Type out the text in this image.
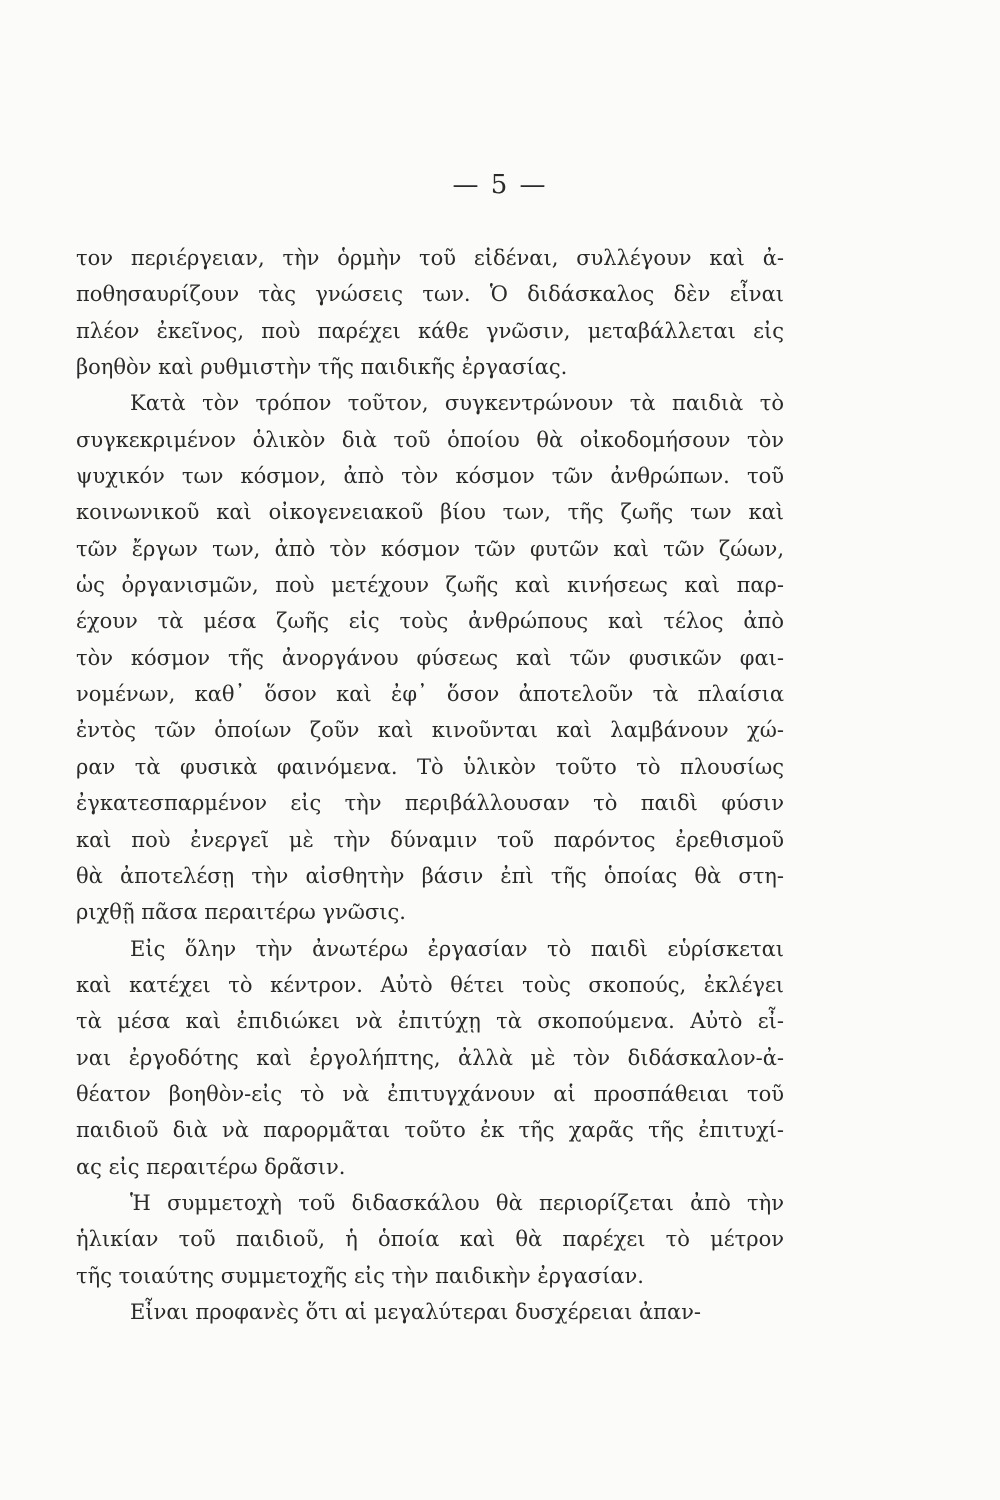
— 5 —
τον περιέργειαν, τὴν ὁρμὴν τοῦ εἰδέναι, συλλέγουν καὶ ἀ-
ποθησαυρίζουν τὰς γνώσεις των. Ὁ διδάσκαλος δὲν εἶναι
πλέον ἐκεῖνος, ποὺ παρέχει κάθε γνῶσιν, μεταβάλλεται εἰς
βοηθὸν καὶ ρυθμιστὴν τῆς παιδικῆς ἐργασίας.
Κατὰ τὸν τρόπον τοῦτον, συγκεντρώνουν τὰ παιδιὰ τὸ
συγκεκριμένον ὁλικὸν διὰ τοῦ ὁποίου θὰ οἰκοδομήσουν τὸν
ψυχικόν των κόσμον, ἀπὸ τὸν κόσμον τῶν ἀνθρώπων. τοῦ
κοινωνικοῦ καὶ οἰκογενειακοῦ βίου των, τῆς ζωῆς των καὶ
τῶν ἔργων των, ἀπὸ τὸν κόσμον τῶν φυτῶν καὶ τῶν ζώων,
ὡς ὀργανισμῶν, ποὺ μετέχουν ζωῆς καὶ κινήσεως καὶ παρ-
έχουν τὰ μέσα ζωῆς εἰς τοὺς ἀνθρώπους καὶ τέλος ἀπὸ
τὸν κόσμον τῆς ἀνοργάνου φύσεως καὶ τῶν φυσικῶν φαι-
νομένων, καθ᾽ ὅσον καὶ ἐφ᾽ ὅσον ἀποτελοῦν τὰ πλαίσια
ἐντὸς τῶν ὁποίων ζοῦν καὶ κινοῦνται καὶ λαμβάνουν χώ-
ραν τὰ φυσικὰ φαινόμενα. Τὸ ὑλικὸν τοῦτο τὸ πλουσίως
ἐγκατεσπαρμένον εἰς τὴν περιβάλλουσαν τὸ παιδὶ φύσιν
καὶ ποὺ ἐνεργεῖ μὲ τὴν δύναμιν τοῦ παρόντος ἐρεθισμοῦ
θὰ ἀποτελέσῃ τὴν αἰσθητὴν βάσιν ἐπὶ τῆς ὁποίας θὰ στη-
ριχθῇ πᾶσα περαιτέρω γνῶσις.
Εἰς ὅλην τὴν ἀνωτέρω ἐργασίαν τὸ παιδὶ εὑρίσκεται
καὶ κατέχει τὸ κέντρον. Αὐτὸ θέτει τοὺς σκοπούς, ἐκλέγει
τὰ μέσα καὶ ἐπιδιώκει νὰ ἐπιτύχῃ τὰ σκοπούμενα. Αὐτὸ εἶ-
ναι ἐργοδότης καὶ ἐργολήπτης, ἀλλὰ μὲ τὸν διδάσκαλον-ἀ-
θέατον βοηθὸν-εἰς τὸ νὰ ἐπιτυγχάνουν αἱ προσπάθειαι τοῦ
παιδιοῦ διὰ νὰ παρορμᾶται τοῦτο ἐκ τῆς χαρᾶς τῆς ἐπιτυχί-
ας εἰς περαιτέρω δρᾶσιν.
Ἡ συμμετοχὴ τοῦ διδασκάλου θὰ περιορίζεται ἀπὸ τὴν
ἡλικίαν τοῦ παιδιοῦ, ἡ ὁποία καὶ θὰ παρέχει τὸ μέτρον
τῆς τοιαύτης συμμετοχῆς εἰς τὴν παιδικὴν ἐργασίαν.
Εἶναι προφανὲς ὅτι αἱ μεγαλύτεραι δυσχέρειαι ἀπαν-
